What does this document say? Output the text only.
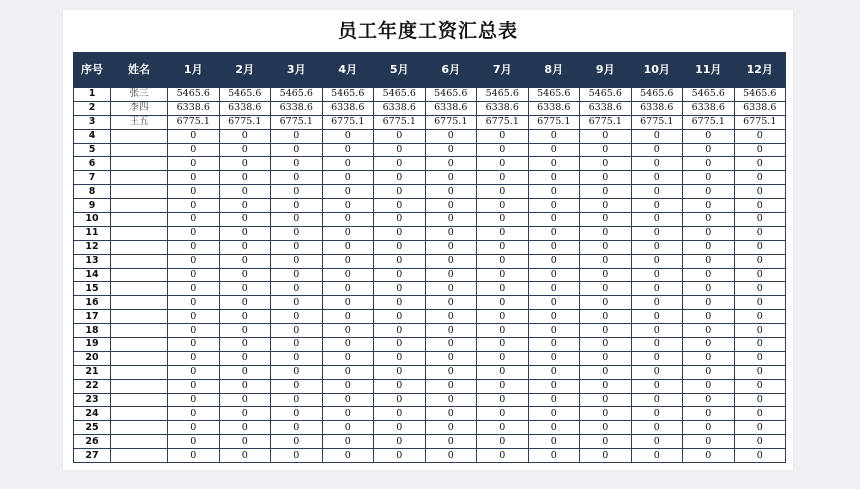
员工年度工资汇总表
序号	姓名	1月	2月	3月	4月	5月	6月	7月	8月	9月	10月	11月	12月
1	张三	5465.6	5465.6	5465.6	5465.6	5465.6	5465.6	5465.6	5465.6	5465.6	5465.6	5465.6	5465.6
2	李四	6338.6	6338.6	6338.6	6338.6	6338.6	6338.6	6338.6	6338.6	6338.6	6338.6	6338.6	6338.6
3	王五	6775.1	6775.1	6775.1	6775.1	6775.1	6775.1	6775.1	6775.1	6775.1	6775.1	6775.1	6775.1
4		0	0	0	0	0	0	0	0	0	0	0	0
5		0	0	0	0	0	0	0	0	0	0	0	0
6		0	0	0	0	0	0	0	0	0	0	0	0
7		0	0	0	0	0	0	0	0	0	0	0	0
8		0	0	0	0	0	0	0	0	0	0	0	0
9		0	0	0	0	0	0	0	0	0	0	0	0
10		0	0	0	0	0	0	0	0	0	0	0	0
11		0	0	0	0	0	0	0	0	0	0	0	0
12		0	0	0	0	0	0	0	0	0	0	0	0
13		0	0	0	0	0	0	0	0	0	0	0	0
14		0	0	0	0	0	0	0	0	0	0	0	0
15		0	0	0	0	0	0	0	0	0	0	0	0
16		0	0	0	0	0	0	0	0	0	0	0	0
17		0	0	0	0	0	0	0	0	0	0	0	0
18		0	0	0	0	0	0	0	0	0	0	0	0
19		0	0	0	0	0	0	0	0	0	0	0	0
20		0	0	0	0	0	0	0	0	0	0	0	0
21		0	0	0	0	0	0	0	0	0	0	0	0
22		0	0	0	0	0	0	0	0	0	0	0	0
23		0	0	0	0	0	0	0	0	0	0	0	0
24		0	0	0	0	0	0	0	0	0	0	0	0
25		0	0	0	0	0	0	0	0	0	0	0	0
26		0	0	0	0	0	0	0	0	0	0	0	0
27		0	0	0	0	0	0	0	0	0	0	0	0
